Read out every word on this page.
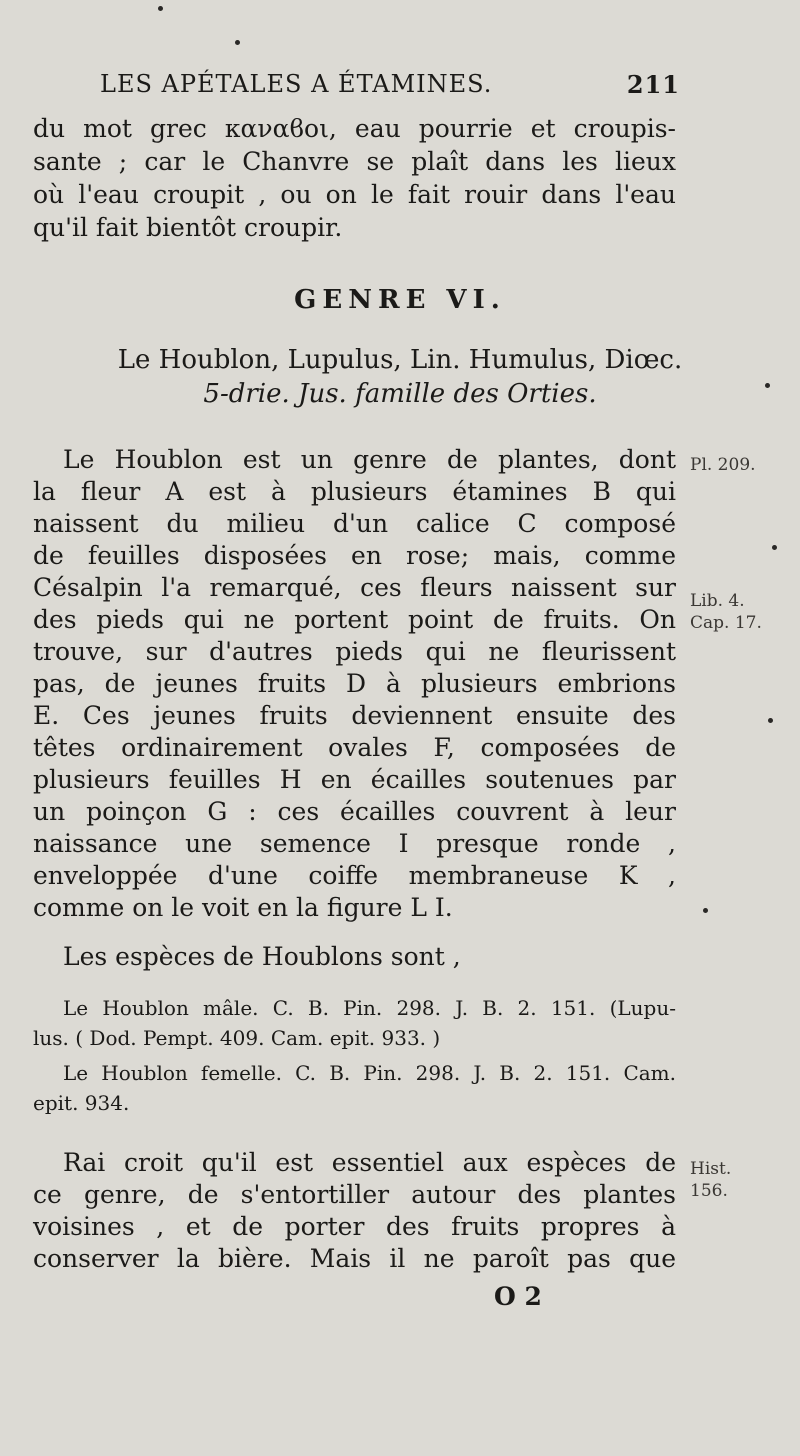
LES APÉTALES A ÉTAMINES.	211
du mot grec καναϐοι, eau pourrie et croupis-
sante ; car le Chanvre se plaît dans les lieux
où l'eau croupit , ou on le fait rouir dans l'eau
qu'il fait bientôt croupir.
GENRE VI.
Le Houblon, Lupulus, Lin. Humulus, Diœc.
5-drie. Jus. famille des Orties.
Le Houblon est un genre de plantes, dont
la fleur A est à plusieurs étamines B qui
naissent du milieu d'un calice C composé
de feuilles disposées en rose; mais, comme
Césalpin l'a remarqué, ces fleurs naissent sur
des pieds qui ne portent point de fruits. On
trouve, sur d'autres pieds qui ne fleurissent
pas, de jeunes fruits D à plusieurs embrions
E. Ces jeunes fruits deviennent ensuite des
têtes ordinairement ovales F, composées de
plusieurs feuilles H en écailles soutenues par
un poinçon G : ces écailles couvrent à leur
naissance une semence I presque ronde ,
enveloppée d'une coiffe membraneuse K ,
comme on le voit en la figure L I.
Les espèces de Houblons sont ,
Le Houblon mâle. C. B. Pin. 298. J. B. 2. 151. (Lupu-
lus. ( Dod. Pempt. 409. Cam. epit. 933. )
Le Houblon femelle. C. B. Pin. 298. J. B. 2. 151. Cam.
epit. 934.
Rai croit qu'il est essentiel aux espèces de
ce genre, de s'entortiller autour des plantes
voisines , et de porter des fruits propres à
conserver la bière. Mais il ne paroît pas que
O 2
Pl. 209.
Lib. 4.
Cap. 17.
Hist.
156.
